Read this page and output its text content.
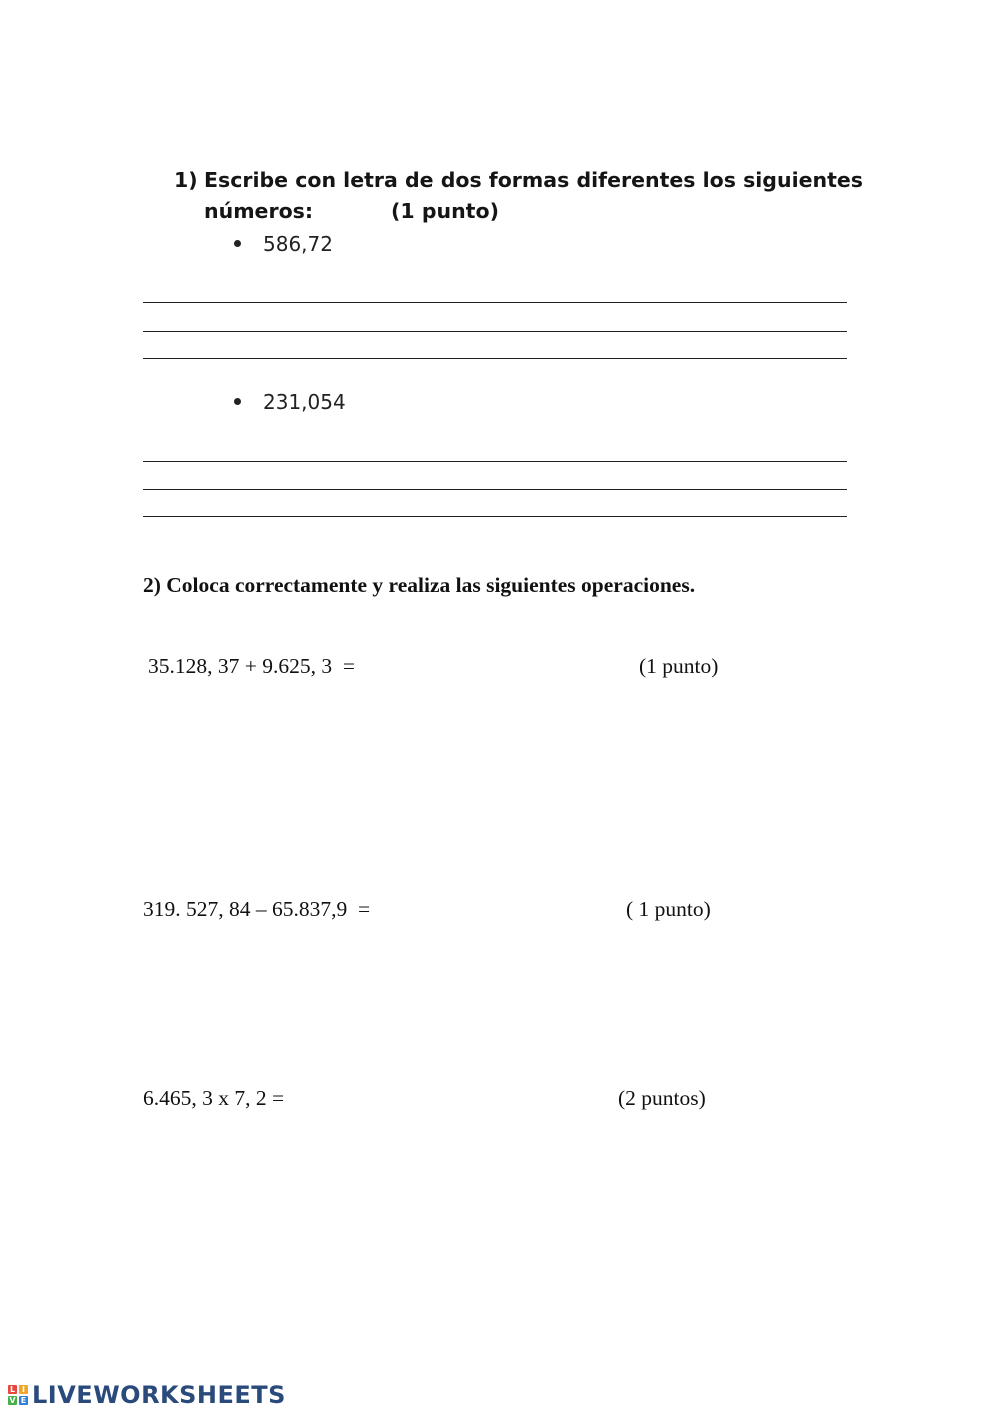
1) Escribe con letra de dos formas diferentes los siguientes
números:	(1 punto)
586,72
231,054
2) Coloca correctamente y realiza las siguientes operaciones.
35.128, 37 + 9.625, 3  =	(1 punto)
319. 527, 84 – 65.837,9  =	( 1 punto)
6.465, 3 x 7, 2 =	(2 puntos)
L I
V E LIVEWORKSHEETS
